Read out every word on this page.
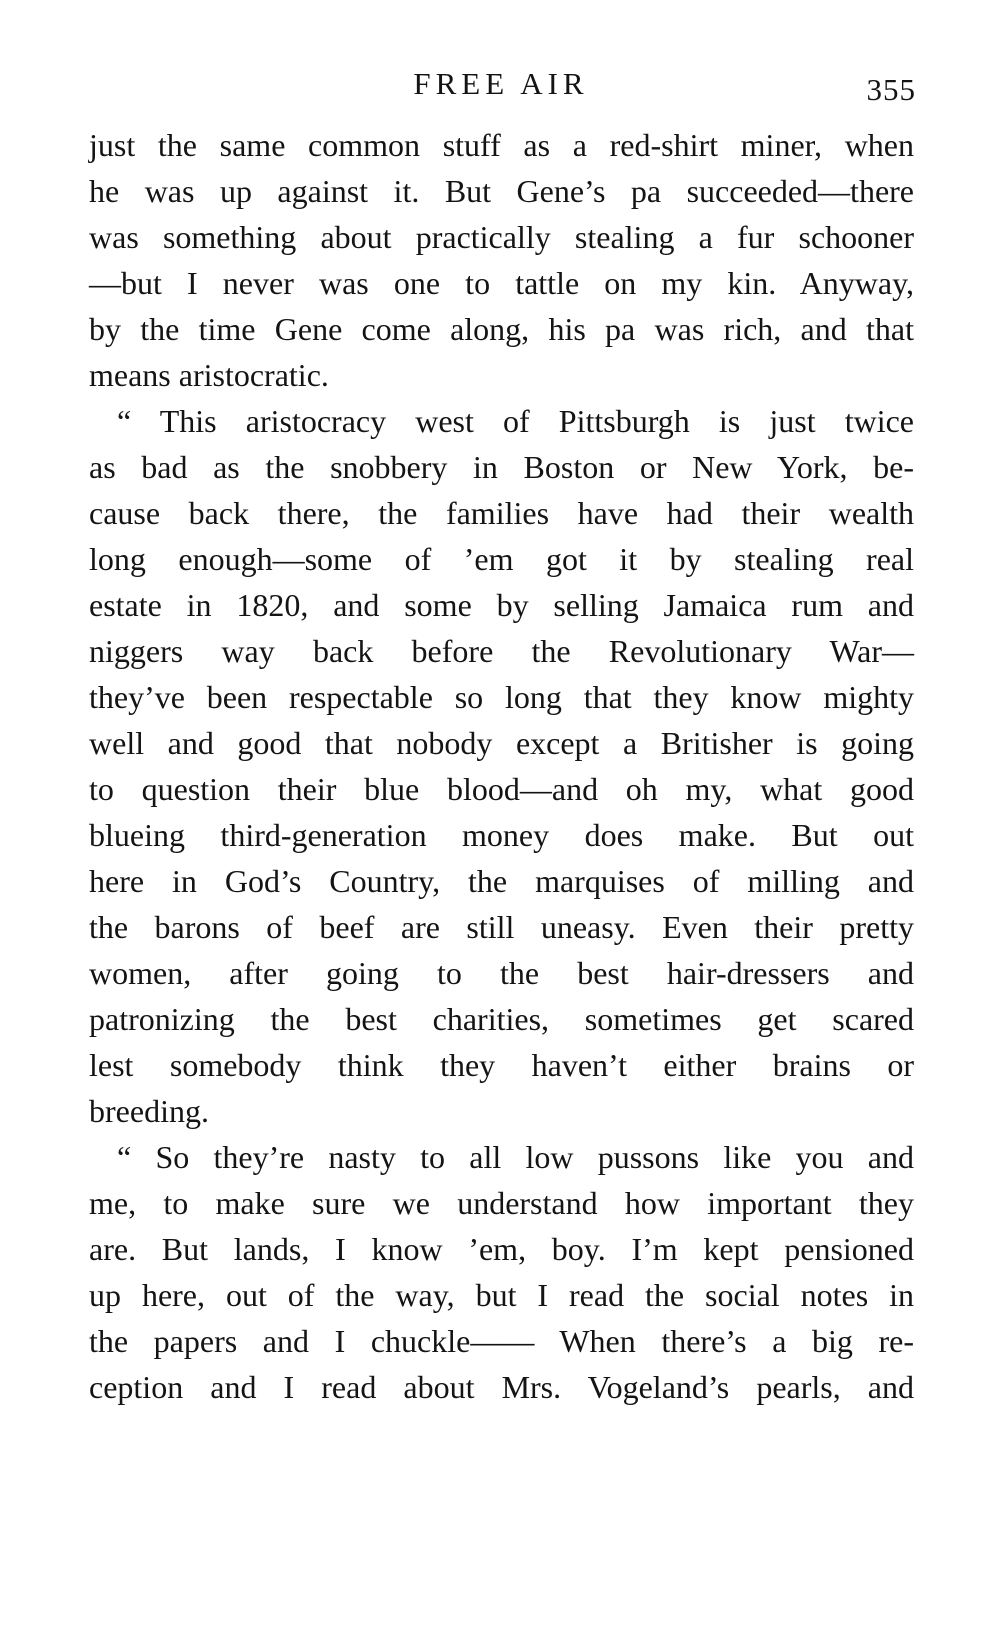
FREE AIR	355
just the same common stuff as a red-shirt miner, when
he was up against it. But Gene’s pa succeeded—there
was something about practically stealing a fur schooner
—but I never was one to tattle on my kin. Anyway,
by the time Gene come along, his pa was rich, and that
means aristocratic.
“ This aristocracy west of Pittsburgh is just twice
as bad as the snobbery in Boston or New York, be-
cause back there, the families have had their wealth
long enough—some of ’em got it by stealing real
estate in 1820, and some by selling Jamaica rum and
niggers way back before the Revolutionary War—
they’ve been respectable so long that they know mighty
well and good that nobody except a Britisher is going
to question their blue blood—and oh my, what good
blueing third-generation money does make. But out
here in God’s Country, the marquises of milling and
the barons of beef are still uneasy. Even their pretty
women, after going to the best hair-dressers and
patronizing the best charities, sometimes get scared
lest somebody think they haven’t either brains or
breeding.
“ So they’re nasty to all low pussons like you and
me, to make sure we understand how important they
are. But lands, I know ’em, boy. I’m kept pensioned
up here, out of the way, but I read the social notes in
the papers and I chuckle—— When there’s a big re-
ception and I read about Mrs. Vogeland’s pearls, and
